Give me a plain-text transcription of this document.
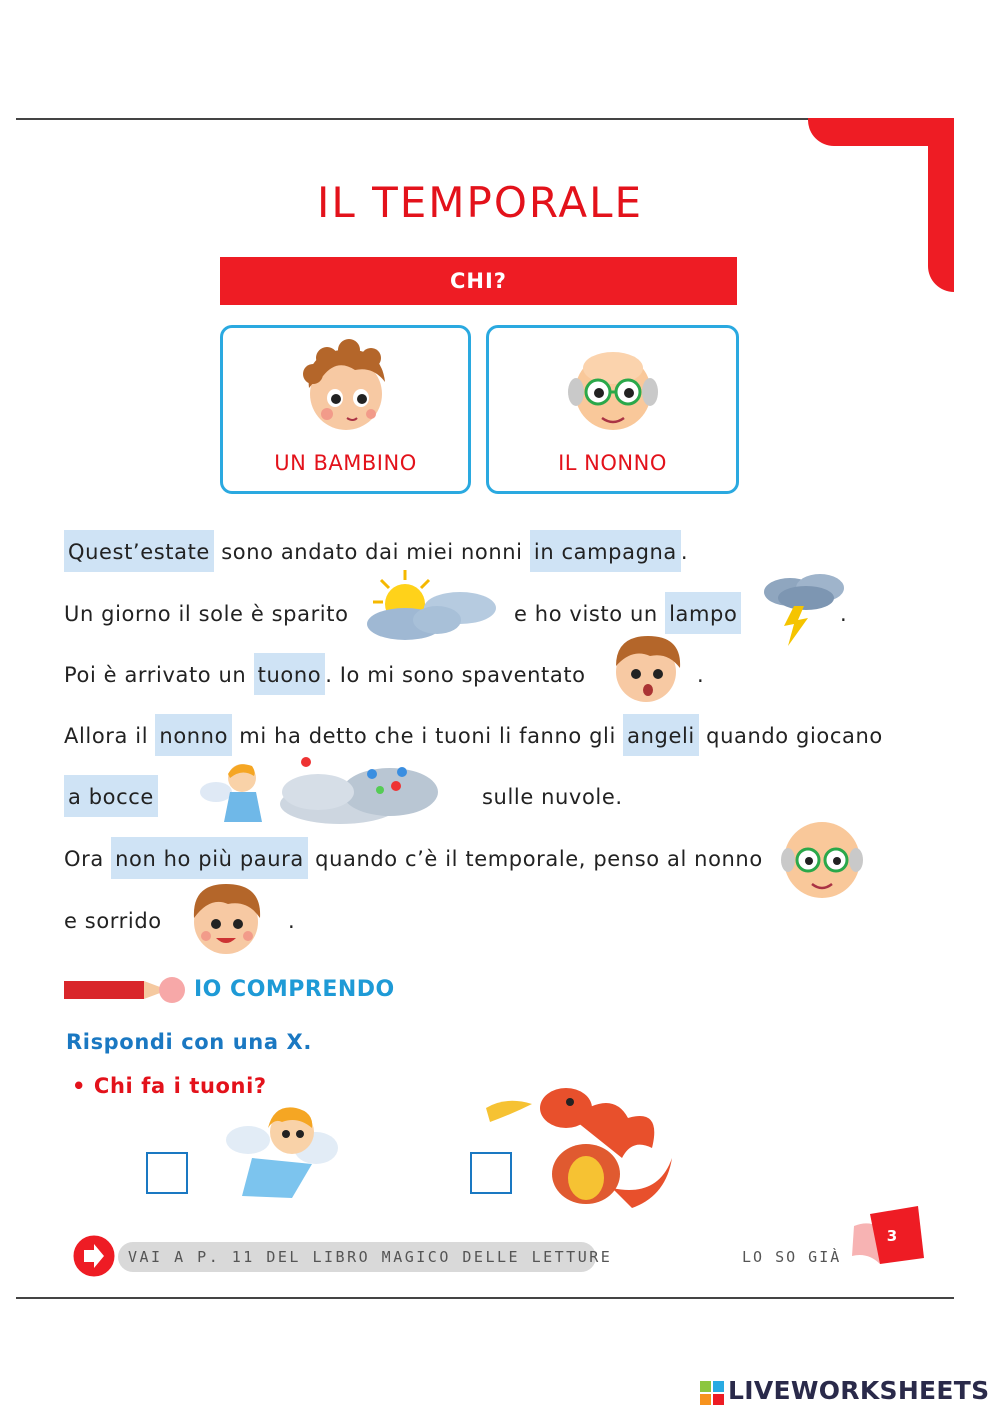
IL TEMPORALE
CHI?
UN BAMBINO	IL NONNO
Quest’estate sono andato dai miei nonni in campagna .
Un giorno il sole è sparito	e ho visto un lampo	.
Poi è arrivato un tuono . Io mi sono spaventato	.
Allora il nonno mi ha detto che i tuoni li fanno gli angeli quando giocano
a bocce	sulle nuvole.
Ora non ho più paura quando c’è il temporale, penso al nonno
e sorrido	.
IO COMPRENDO
Rispondi con una X.
• Chi fa i tuoni?
VAI A P. 11 DEL LIBRO MAGICO DELLE LETTURE	LO SO GIÀ
3
LIVEWORKSHEETS
